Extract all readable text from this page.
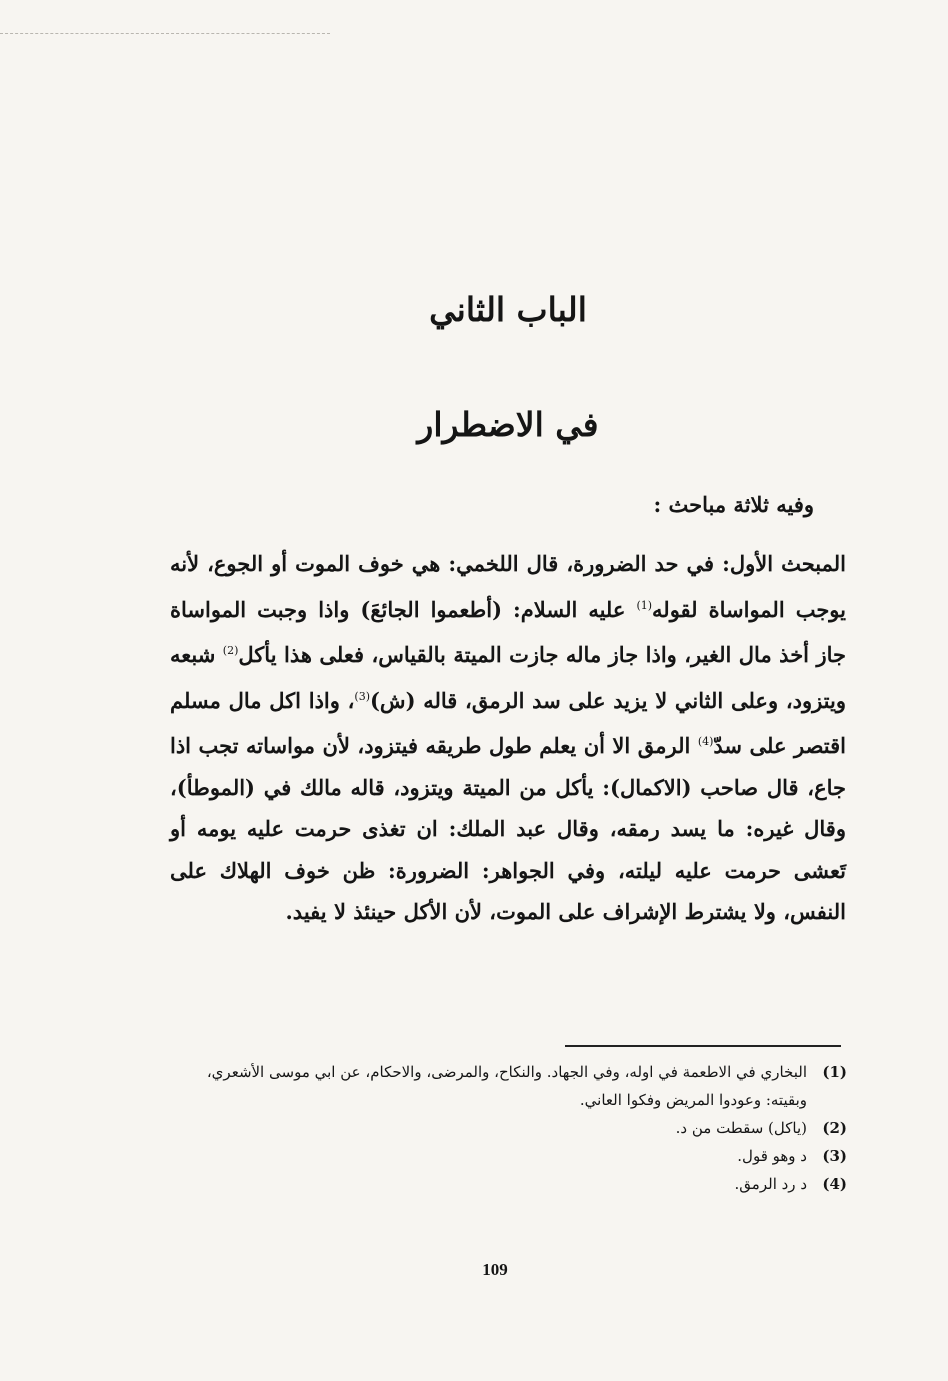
الباب الثاني
في الاضطرار

وفيه ثلاثة مباحث :

المبحث الأول: في حد الضرورة، قال اللخمي: هي خوف الموت أو الجوع، لأنه يوجب المواساة لقوله$^{(1)}$ عليه السلام: (أطعموا الجائعَ) واذا وجبت المواساة جاز أخذ مال الغير، واذا جاز ماله جازت الميتة بالقياس، فعلى هذا يأكل$^{(2)}$ شبعه ويتزود، وعلى الثاني لا يزيد على سد الرمق، قاله (ش)$^{(3)}$، واذا اكل مال مسلم اقتصر على سدّ$^{(4)}$ الرمق الا أن يعلم طول طريقه فيتزود، لأن مواساته تجب اذا جاع، قال صاحب (الاكمال): يأكل من الميتة ويتزود، قاله مالك في (الموطأ)، وقال غيره: ما يسد رمقه، وقال عبد الملك: ان تغذى حرمت عليه يومه أو تَعشى حرمت عليه ليلته، وفي الجواهر: الضرورة: ظن خوف الهلاك على النفس، ولا يشترط الإشراف على الموت، لأن الأكل حينئذ لا يفيد.

(1)
البخاري في الاطعمة في اوله، وفي الجهاد. والنكاح، والمرضى، والاحكام، عن ابي موسى الأشعري، وبقيته: وعودوا المريض وفكوا العاني.
(2)
(ياكل) سقطت من د.
(3)
د وهو قول.
(4)
د رد الرمق.
109
